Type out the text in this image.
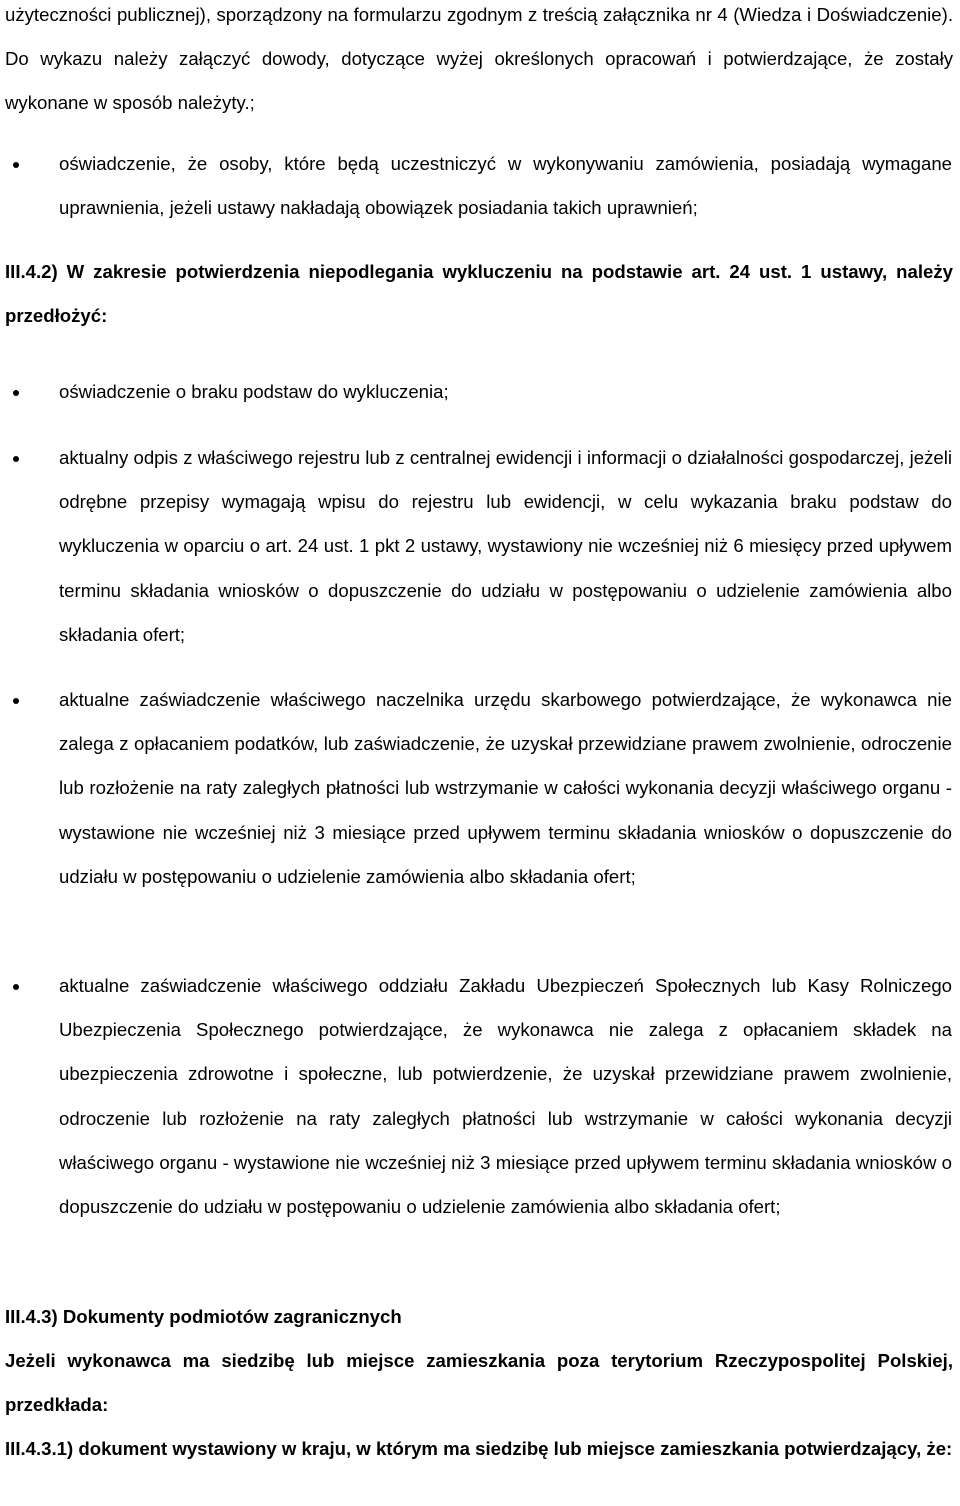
użyteczności publicznej), sporządzony na formularzu zgodnym z treścią załącznika nr 4 (Wiedza i Doświadczenie). Do wykazu należy załączyć dowody, dotyczące wyżej określonych opracowań i potwierdzające, że zostały wykonane w sposób należyty.;

oświadczenie, że osoby, które będą uczestniczyć w wykonywaniu zamówienia, posiadają wymagane uprawnienia, jeżeli ustawy nakładają obowiązek posiadania takich uprawnień;

III.4.2) W zakresie potwierdzenia niepodlegania wykluczeniu na podstawie art. 24 ust. 1 ustawy, należy przedłożyć:

oświadczenie o braku podstaw do wykluczenia;

aktualny odpis z właściwego rejestru lub z centralnej ewidencji i informacji o działalności gospodarczej, jeżeli odrębne przepisy wymagają wpisu do rejestru lub ewidencji, w celu wykazania braku podstaw do wykluczenia w oparciu o art. 24 ust. 1 pkt 2 ustawy, wystawiony nie wcześniej niż 6 miesięcy przed upływem terminu składania wniosków o dopuszczenie do udziału w postępowaniu o udzielenie zamówienia albo składania ofert;

aktualne zaświadczenie właściwego naczelnika urzędu skarbowego potwierdzające, że wykonawca nie zalega z opłacaniem podatków, lub zaświadczenie, że uzyskał przewidziane prawem zwolnienie, odroczenie lub rozłożenie na raty zaległych płatności lub wstrzymanie w całości wykonania decyzji właściwego organu - wystawione nie wcześniej niż 3 miesiące przed upływem terminu składania wniosków o dopuszczenie do udziału w postępowaniu o udzielenie zamówienia albo składania ofert;

aktualne zaświadczenie właściwego oddziału Zakładu Ubezpieczeń Społecznych lub Kasy Rolniczego Ubezpieczenia Społecznego potwierdzające, że wykonawca nie zalega z opłacaniem składek na ubezpieczenia zdrowotne i społeczne, lub potwierdzenie, że uzyskał przewidziane prawem zwolnienie, odroczenie lub rozłożenie na raty zaległych płatności lub wstrzymanie w całości wykonania decyzji właściwego organu - wystawione nie wcześniej niż 3 miesiące przed upływem terminu składania wniosków o dopuszczenie do udziału w postępowaniu o udzielenie zamówienia albo składania ofert;

III.4.3) Dokumenty podmiotów zagranicznych

Jeżeli wykonawca ma siedzibę lub miejsce zamieszkania poza terytorium Rzeczypospolitej Polskiej, przedkłada:

III.4.3.1) dokument wystawiony w kraju, w którym ma siedzibę lub miejsce zamieszkania potwierdzający, że:
